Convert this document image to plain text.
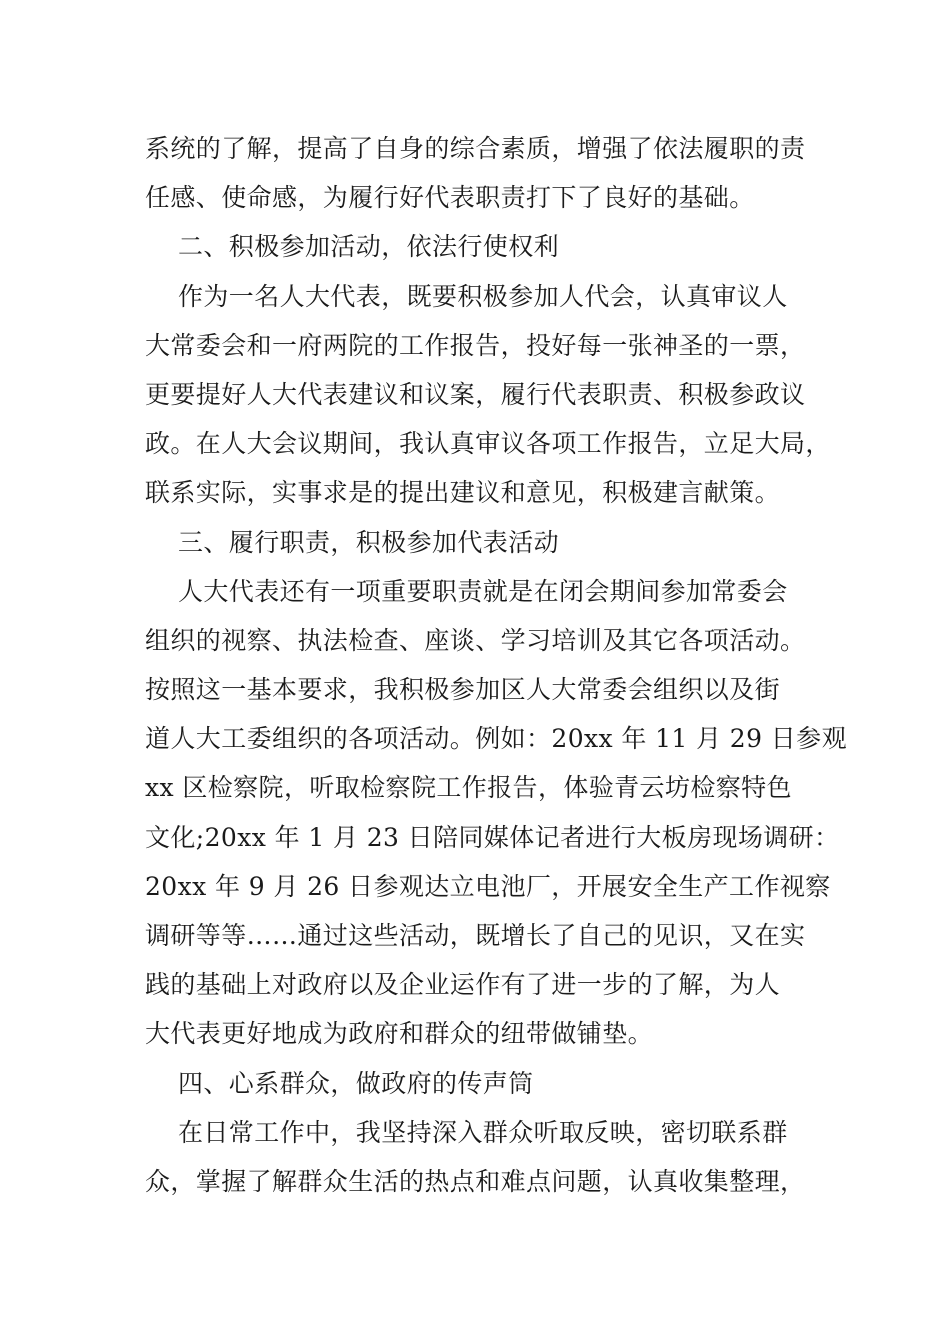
系统的了解，提高了自身的综合素质，增强了依法履职的责
任感、使命感，为履行好代表职责打下了良好的基础。
二、积极参加活动，依法行使权利
作为一名人大代表，既要积极参加人代会，认真审议人
大常委会和一府两院的工作报告，投好每一张神圣的一票，
更要提好人大代表建议和议案，履行代表职责、积极参政议
政。在人大会议期间，我认真审议各项工作报告，立足大局，
联系实际，实事求是的提出建议和意见，积极建言献策。
三、履行职责，积极参加代表活动
人大代表还有一项重要职责就是在闭会期间参加常委会
组织的视察、执法检查、座谈、学习培训及其它各项活动。
按照这一基本要求，我积极参加区人大常委会组织以及街
道人大工委组织的各项活动。例如：20xx 年 11 月 29 日参观
xx 区检察院，听取检察院工作报告，体验青云坊检察特色
文化;20xx 年 1 月 23 日陪同媒体记者进行大板房现场调研：
20xx 年 9 月 26 日参观达立电池厂，开展安全生产工作视察
调研等等……通过这些活动，既增长了自己的见识，又在实
践的基础上对政府以及企业运作有了进一步的了解，为人
大代表更好地成为政府和群众的纽带做铺垫。
四、心系群众，做政府的传声筒
在日常工作中，我坚持深入群众听取反映，密切联系群
众，掌握了解群众生活的热点和难点问题，认真收集整理，
